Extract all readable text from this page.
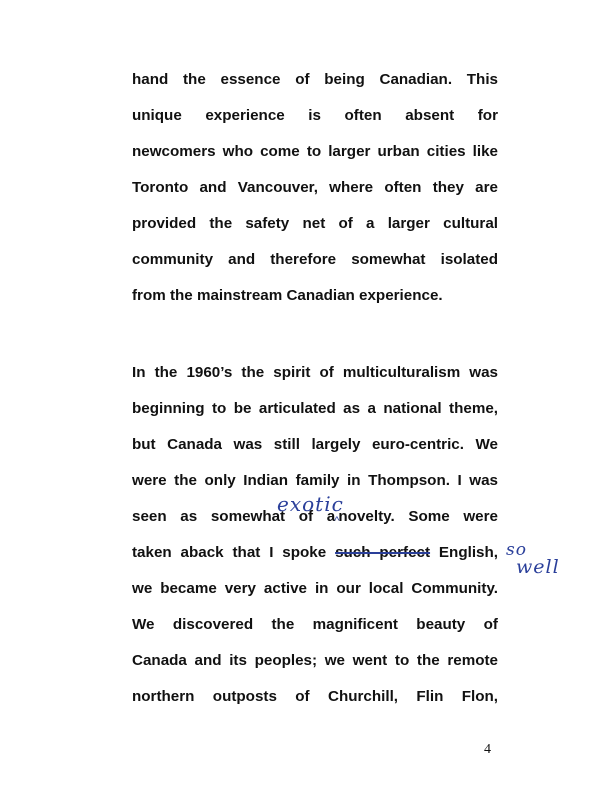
hand the essence of being Canadian. This
unique experience is often absent for
newcomers who come to larger urban cities like
Toronto and Vancouver, where often they are
provided the safety net of a larger cultural
community and therefore somewhat isolated
from the mainstream Canadian experience.
In the 1960’s the spirit of multiculturalism was
beginning to be articulated as a national theme,
but Canada was still largely euro-centric. We
were the only Indian family in Thompson. I was
seen as somewhat of a^novelty. Some were
taken aback that I spoke such perfect English,
we became very active in our local Community.
We discovered the magnificent beauty of
Canada and its peoples; we went to the remote
northern outposts of Churchill, Flin Flon,
exotic
so
well
4
